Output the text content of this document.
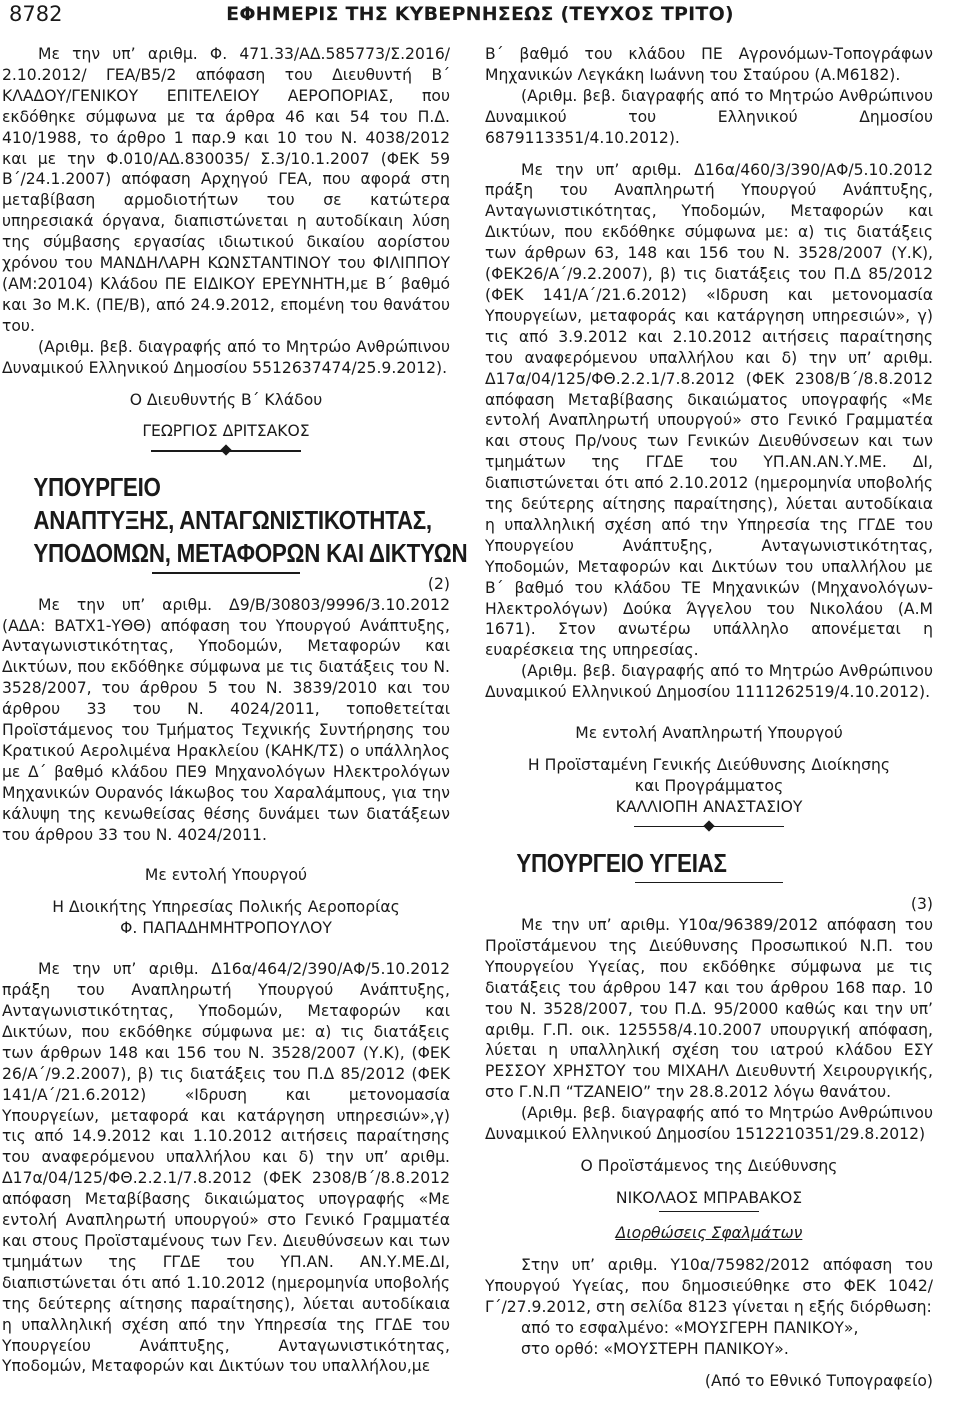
8782	ΕΦΗΜΕΡΙΣ ΤΗΣ ΚΥΒΕΡΝΗΣΕΩΣ (ΤΕΥΧΟΣ ΤΡΙΤΟ)

Με την υπ’ αριθμ. Φ. 471.33/ΑΔ.585773/Σ.2016/ 2.10.2012/ ΓΕΑ/Β5/2 απόφαση του Διευθυντή Β΄ ΚΛΑΔΟΥ/ΓΕΝΙΚΟΥ ΕΠΙΤΕΛΕΙΟΥ ΑΕΡΟΠΟΡΙΑΣ, που εκδόθηκε σύμφωνα με τα άρθρα 46 και 54 του Π.Δ. 410/1988, το άρθρο 1 παρ.9 και 10 του Ν. 4038/2012 και με την Φ.010/ΑΔ.830035/ Σ.3/10.1.2007 (ΦΕΚ 59 Β΄/24.1.2007) απόφαση Αρχηγού ΓΕΑ, που αφορά στη μεταβίβαση αρμοδιοτήτων του σε κατώτερα υπηρεσιακά όργανα, διαπιστώνεται η αυτοδίκαιη λύση της σύμβασης εργασίας ιδιωτικού δικαίου αορίστου χρόνου του ΜΑΝΔΗΛΑΡΗ ΚΩΝΣΤΑΝΤΙΝΟΥ του ΦΙΛΙΠΠΟΥ (ΑΜ:20104) Κλάδου ΠΕ ΕΙΔΙΚΟΥ ΕΡΕΥΝΗΤΗ,με Β΄ βαθμό και 3ο Μ.Κ. (ΠΕ/Β), από 24.9.2012, επομένη του θανάτου του.

(Αριθμ. βεβ. διαγραφής από το Μητρώο Ανθρώπινου Δυναμικού Ελληνικού Δημοσίου 5512637474/25.9.2012).

Ο Διευθυντής Β΄ Κλάδου

ΓΕΩΡΓΙΟΣ ΔΡΙΤΣΑΚΟΣ

ΥΠΟΥΡΓΕΙΟ

ΑΝΑΠΤΥΞΗΣ, ΑΝΤΑΓΩΝΙΣΤΙΚΟΤΗΤΑΣ,

ΥΠΟΔΟΜΩΝ, ΜΕΤΑΦΟΡΩΝ ΚΑΙ ΔΙΚΤΥΩΝ

(2)

Με την υπ’ αριθμ. Δ9/Β/30803/9996/3.10.2012 (ΑΔΑ: ΒΑΤΧ1-ΥΘΘ) απόφαση του Υπουργού Ανάπτυξης, Ανταγωνιστικότητας, Υποδομών, Μεταφορών και Δικτύων, που εκδόθηκε σύμφωνα με τις διατάξεις του Ν. 3528/2007, του άρθρου 5 του Ν. 3839/2010 και του άρθρου 33 του Ν. 4024/2011, τοποθετείται Προϊστάμενος του Τμήματος Τεχνικής Συντήρησης του Κρατικού Αερολιμένα Ηρακλείου (ΚΑΗΚ/ΤΣ) ο υπάλληλος με Δ΄ βαθμό κλάδου ΠΕ9 Μηχανολόγων Ηλεκτρολόγων Μηχανικών Ουρανός Ιάκωβος του Χαραλάμπους, για την κάλυψη της κενωθείσας θέσης δυνάμει των διατάξεων του άρθρου 33 του Ν. 4024/2011.

Με εντολή Υπουργού

Η Διοικήτης Υπηρεσίας Πολικής Αεροπορίας

Φ. ΠΑΠΑΔΗΜΗΤΡΟΠΟΥΛΟΥ

Με την υπ’ αριθμ. Δ16α/464/2/390/ΑΦ/5.10.2012 πράξη του Αναπληρωτή Υπουργού Ανάπτυξης, Ανταγωνιστικότητας, Υποδομών, Μεταφορών και Δικτύων, που εκδόθηκε σύμφωνα με: α) τις διατάξεις των άρθρων 148 και 156 του Ν. 3528/2007 (Υ.Κ), (ΦΕΚ 26/Α΄/9.2.2007), β) τις διατάξεις του Π.Δ 85/2012 (ΦΕΚ 141/Α΄/21.6.2012) «Ιδρυση και μετονομασία Υπουργείων, μεταφορά και κατάργηση υπηρεσιών»,γ) τις από 14.9.2012 και 1.10.2012 αιτήσεις παραίτησης του αναφερόμενου υπαλλήλου και δ) την υπ’ αριθμ. Δ17α/04/125/ΦΘ.2.2.1/7.8.2012 (ΦΕΚ 2308/Β΄/8.8.2012 απόφαση Μεταβίβασης δικαιώματος υπογραφής «Με εντολή Αναπληρωτή υπουργού» στο Γενικό Γραμματέα και στους Προϊσταμένους των Γεν. Διευθύνσεων και των τμημάτων της ΓΓΔΕ του ΥΠ.ΑΝ. ΑΝ.Υ.ΜΕ.ΔΙ, διαπιστώνεται ότι από 1.10.2012 (ημερομηνία υποβολής της δεύτερης αίτησης παραίτησης), λύεται αυτοδίκαια η υπαλληλική σχέση από την Υπηρεσία της ΓΓΔΕ του Υπουργείου Ανάπτυξης, Ανταγωνιστικότητας, Υποδομών, Μεταφορών και Δικτύων του υπαλλήλου,με

Β΄ βαθμό του κλάδου ΠΕ Αγρονόμων-Τοπογράφων Μηχανικών Λεγκάκη Ιωάννη του Σταύρου (Α.Μ6182).

(Αριθμ. βεβ. διαγραφής από το Μητρώο Ανθρώπινου Δυναμικού του Ελληνικού Δημοσίου 6879113351/4.10.2012).

Με την υπ’ αριθμ. Δ16α/460/3/390/ΑΦ/5.10.2012 πράξη του Αναπληρωτή Υπουργού Ανάπτυξης, Ανταγωνιστικότητας, Υποδομών, Μεταφορών και Δικτύων, που εκδόθηκε σύμφωνα με: α) τις διατάξεις των άρθρων 63, 148 και 156 του Ν. 3528/2007 (Υ.Κ), (ΦΕΚ26/Α΄/9.2.2007), β) τις διατάξεις του Π.Δ 85/2012 (ΦΕΚ 141/Α΄/21.6.2012) «Ιδρυση και μετονομασία Υπουργείων, μεταφοράς και κατάργηση υπηρεσιών», γ) τις από 3.9.2012 και 2.10.2012 αιτήσεις παραίτησης του αναφερόμενου υπαλλήλου και δ) την υπ’ αριθμ. Δ17α/04/125/ΦΘ.2.2.1/7.8.2012 (ΦΕΚ 2308/Β΄/8.8.2012 απόφαση Μεταβίβασης δικαιώματος υπογραφής «Με εντολή Αναπληρωτή υπουργού» στο Γενικό Γραμματέα και στους Πρ/νους των Γενικών Διευθύνσεων και των τμημάτων της ΓΓΔΕ του ΥΠ.ΑΝ.ΑΝ.Υ.ΜΕ. ΔΙ, διαπιστώνεται ότι από 2.10.2012 (ημερομηνία υποβολής της δεύτερης αίτησης παραίτησης), λύεται αυτοδίκαια η υπαλληλική σχέση από την Υπηρεσία της ΓΓΔΕ του Υπουργείου Ανάπτυξης, Ανταγωνιστικότητας, Υποδομών, Μεταφορών και Δικτύων του υπαλλήλου με Β΄ βαθμό του κλάδου ΤΕ Μηχανικών (Μηχανολόγων-Ηλεκτρολόγων) Δούκα Άγγελου του Νικολάου (Α.Μ 1671). Στον ανωτέρω υπάλληλο απονέμεται η ευαρέσκεια της υπηρεσίας.

(Αριθμ. βεβ. διαγραφής από το Μητρώο Ανθρώπινου Δυναμικού Ελληνικού Δημοσίου 1111262519/4.10.2012).

Με εντολή Αναπληρωτή Υπουργού

Η Προϊσταμένη Γενικής Διεύθυνσης Διοίκησης

και Προγράμματος

ΚΑΛΛΙΟΠΗ ΑΝΑΣΤΑΣΙΟΥ

ΥΠΟΥΡΓΕΙΟ ΥΓΕΙΑΣ

(3)

Με την υπ’ αριθμ. Υ10α/96389/2012 απόφαση του Προϊστάμενου της Διεύθυνσης Προσωπικού Ν.Π. του Υπουργείου Υγείας, που εκδόθηκε σύμφωνα με τις διατάξεις του άρθρου 147 και του άρθρου 168 παρ. 10 του Ν. 3528/2007, του Π.Δ. 95/2000 καθώς και την υπ’ αριθμ. Γ.Π. οικ. 125558/4.10.2007 υπουργική απόφαση, λύεται η υπαλληλική σχέση του ιατρού κλάδου ΕΣΥ ΡΕΣΣΟΥ ΧΡΗΣΤΟΥ του ΜΙΧΑΗΛ Διευθυντή Χειρουργικής, στο Γ.Ν.Π “ΤΖΑΝΕΙΟ” την 28.8.2012 λόγω θανάτου.

(Αριθμ. βεβ. διαγραφής από το Μητρώο Ανθρώπινου Δυναμικού Ελληνικού Δημοσίου 1512210351/29.8.2012)

Ο Προϊστάμενος της Διεύθυνσης

ΝΙΚΟΛΑΟΣ ΜΠΡΑΒΑΚΟΣ

Διορθώσεις Σφαλμάτων

Στην υπ’ αριθμ. Υ10α/75982/2012 απόφαση του Υπουργού Υγείας, που δημοσιεύθηκε στο ΦΕΚ 1042/Γ΄/27.9.2012, στη σελίδα 8123 γίνεται η εξής διόρθωση:

από το εσφαλμένο: «ΜΟΥΣΓΕΡΗ ΠΑΝΙΚΟΥ»,

στο ορθό: «ΜΟΥΣΤΕΡΗ ΠΑΝΙΚΟΥ».

(Από το Εθνικό Τυπογραφείο)
